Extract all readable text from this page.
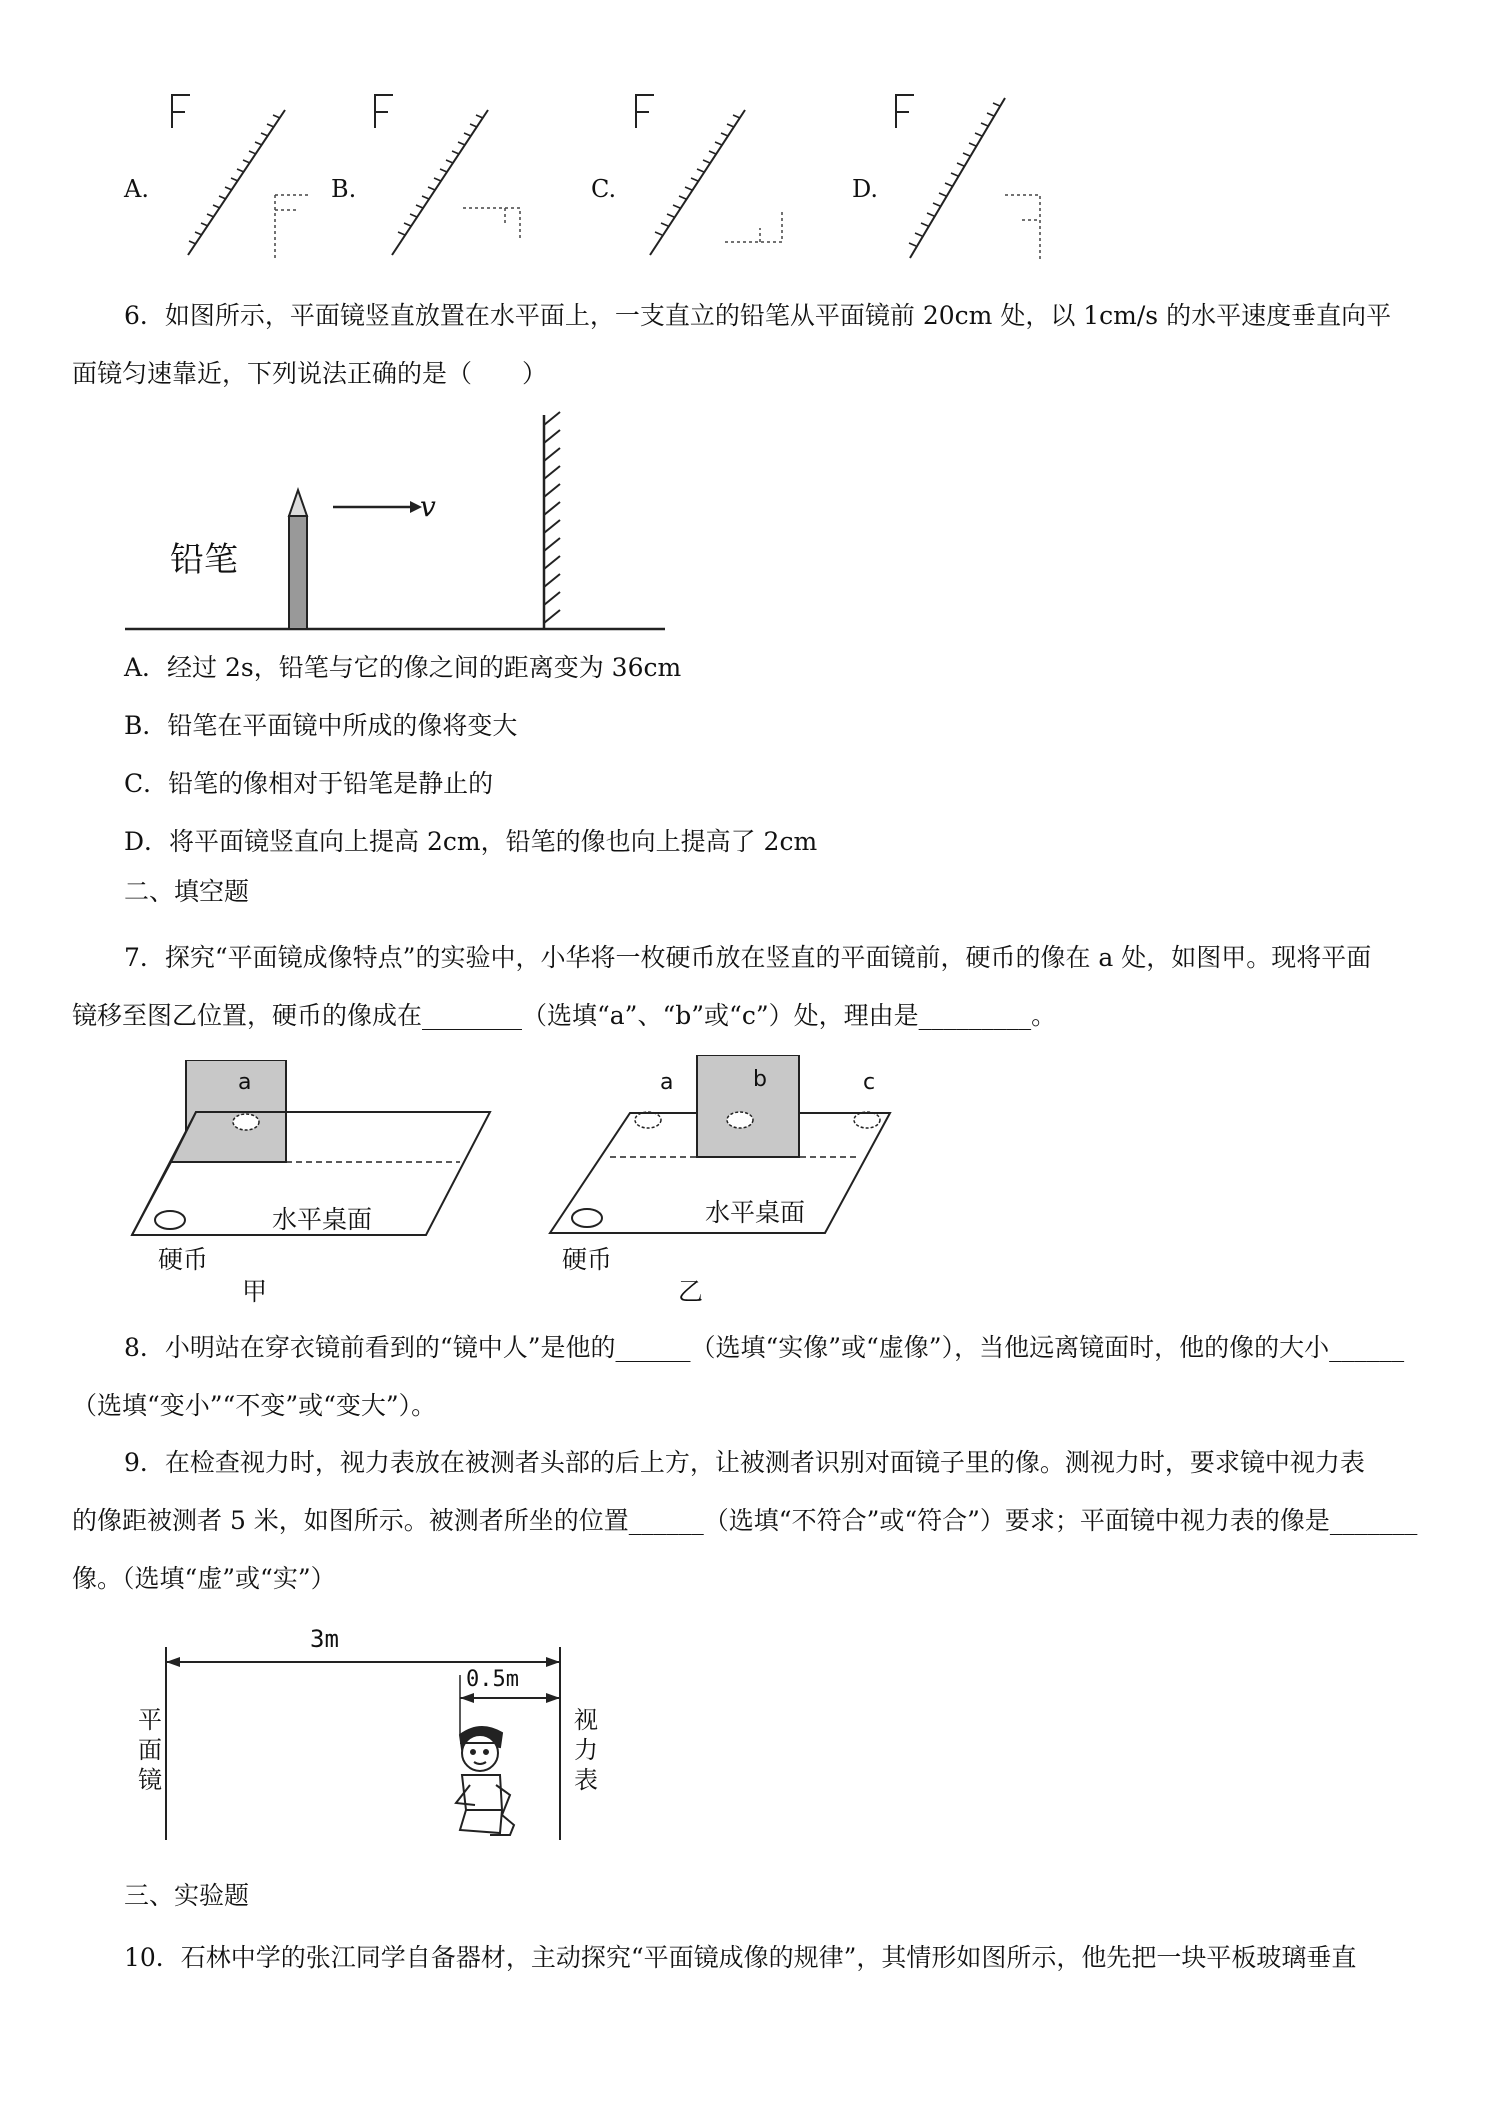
A.	B.	C.	D.
6．如图所示，平面镜竖直放置在水平面上，一支直立的铅笔从平面镜前 20cm 处，以 1cm/s 的水平速度垂直向平
面镜匀速靠近，下列说法正确的是（　　）
铅笔
v
A．经过 2s，铅笔与它的像之间的距离变为 36cm
B．铅笔在平面镜中所成的像将变大
C．铅笔的像相对于铅笔是静止的
D．将平面镜竖直向上提高 2cm，铅笔的像也向上提高了 2cm
二、填空题
7．探究“平面镜成像特点”的实验中，小华将一枚硬币放在竖直的平面镜前，硬币的像在 a 处，如图甲。现将平面
镜移至图乙位置，硬币的像成在________（选填“a”、“b”或“c”）处，理由是_________。
a
水平桌面
硬币
甲
a	b	c
水平桌面
硬币
乙
8．小明站在穿衣镜前看到的“镜中人”是他的______（选填“实像”或“虚像”），当他远离镜面时，他的像的大小______
（选填“变小”“不变”或“变大”）。
9．在检查视力时，视力表放在被测者头部的后上方，让被测者识别对面镜子里的像。测视力时，要求镜中视力表
的像距被测者 5 米，如图所示。被测者所坐的位置______（选填“不符合”或“符合”）要求；平面镜中视力表的像是_______
像。（选填“虚”或“实”）
3m
0.5m
平
面
镜
视
力
表
三、实验题
10．石林中学的张江同学自备器材，主动探究“平面镜成像的规律”，其情形如图所示，他先把一块平板玻璃垂直
